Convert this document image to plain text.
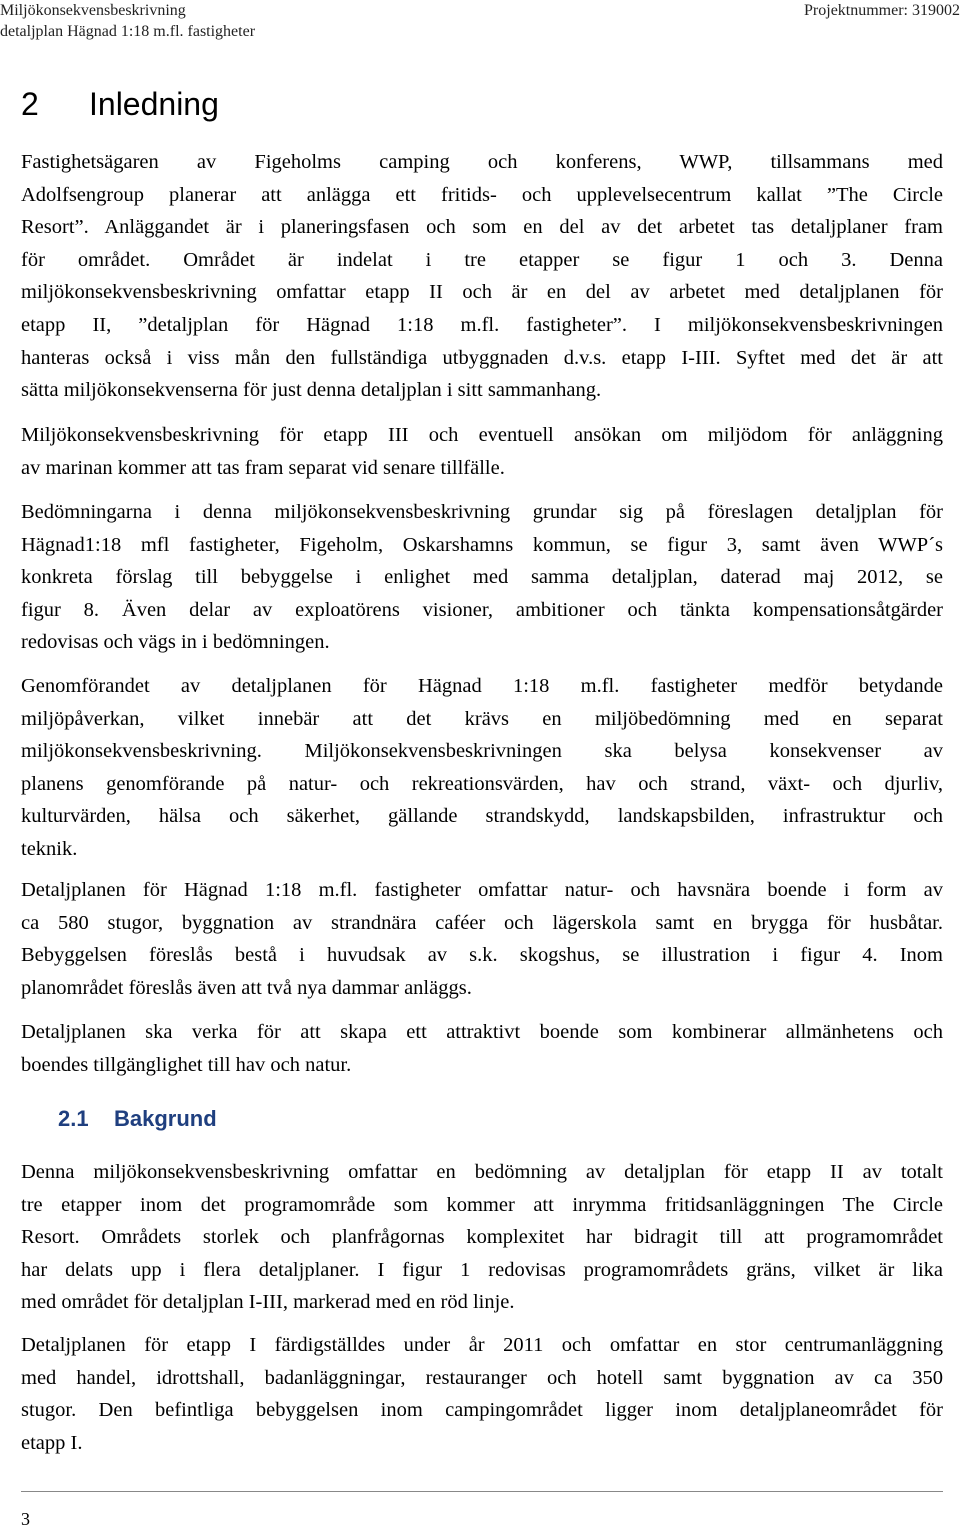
Miljökonsekvensbeskrivning
detaljplan Hägnad 1:18 m.fl. fastigheter
Projektnummer: 319002
2 Inledning
Fastighetsägaren av Figeholms camping och konferens, WWP, tillsammans med
Adolfsengroup planerar att anlägga ett fritids- och upplevelsecentrum kallat ”The Circle
Resort”. Anläggandet är i planeringsfasen och som en del av det arbetet tas detaljplaner fram
för området. Området är indelat i tre etapper se figur 1 och 3. Denna
miljökonsekvensbeskrivning omfattar etapp II och är en del av arbetet med detaljplanen för
etapp II, ”detaljplan för Hägnad 1:18 m.fl. fastigheter”. I miljökonsekvensbeskrivningen
hanteras också i viss mån den fullständiga utbyggnaden d.v.s. etapp I-III. Syftet med det är att
sätta miljökonsekvenserna för just denna detaljplan i sitt sammanhang.
Miljökonsekvensbeskrivning för etapp III och eventuell ansökan om miljödom för anläggning
av marinan kommer att tas fram separat vid senare tillfälle.
Bedömningarna i denna miljökonsekvensbeskrivning grundar sig på föreslagen detaljplan för
Hägnad1:18 mfl fastigheter, Figeholm, Oskarshamns kommun, se figur 3, samt även WWP´s
konkreta förslag till bebyggelse i enlighet med samma detaljplan, daterad maj 2012, se
figur 8. Även delar av exploatörens visioner, ambitioner och tänkta kompensationsåtgärder
redovisas och vägs in i bedömningen.
Genomförandet av detaljplanen för Hägnad 1:18 m.fl. fastigheter medför betydande
miljöpåverkan, vilket innebär att det krävs en miljöbedömning med en separat
miljökonsekvensbeskrivning. Miljökonsekvensbeskrivningen ska belysa konsekvenser av
planens genomförande på natur- och rekreationsvärden, hav och strand, växt- och djurliv,
kulturvärden, hälsa och säkerhet, gällande strandskydd, landskapsbilden, infrastruktur och
teknik.
Detaljplanen för Hägnad 1:18 m.fl. fastigheter omfattar natur- och havsnära boende i form av
ca 580 stugor, byggnation av strandnära caféer och lägerskola samt en brygga för husbåtar.
Bebyggelsen föreslås bestå i huvudsak av s.k. skogshus, se illustration i figur 4. Inom
planområdet föreslås även att två nya dammar anläggs.
Detaljplanen ska verka för att skapa ett attraktivt boende som kombinerar allmänhetens och
boendes tillgänglighet till hav och natur.
Denna miljökonsekvensbeskrivning omfattar en bedömning av detaljplan för etapp II av totalt
tre etapper inom det programområde som kommer att inrymma fritidsanläggningen The Circle
Resort. Områdets storlek och planfrågornas komplexitet har bidragit till att programområdet
har delats upp i flera detaljplaner. I figur 1 redovisas programområdets gräns, vilket är lika
med området för detaljplan I-III, markerad med en röd linje.
Detaljplanen för etapp I färdigställdes under år 2011 och omfattar en stor centrumanläggning
med handel, idrottshall, badanläggningar, restauranger och hotell samt byggnation av ca 350
stugor. Den befintliga bebyggelsen inom campingområdet ligger inom detaljplaneområdet för
etapp I.
2.1 Bakgrund
3
